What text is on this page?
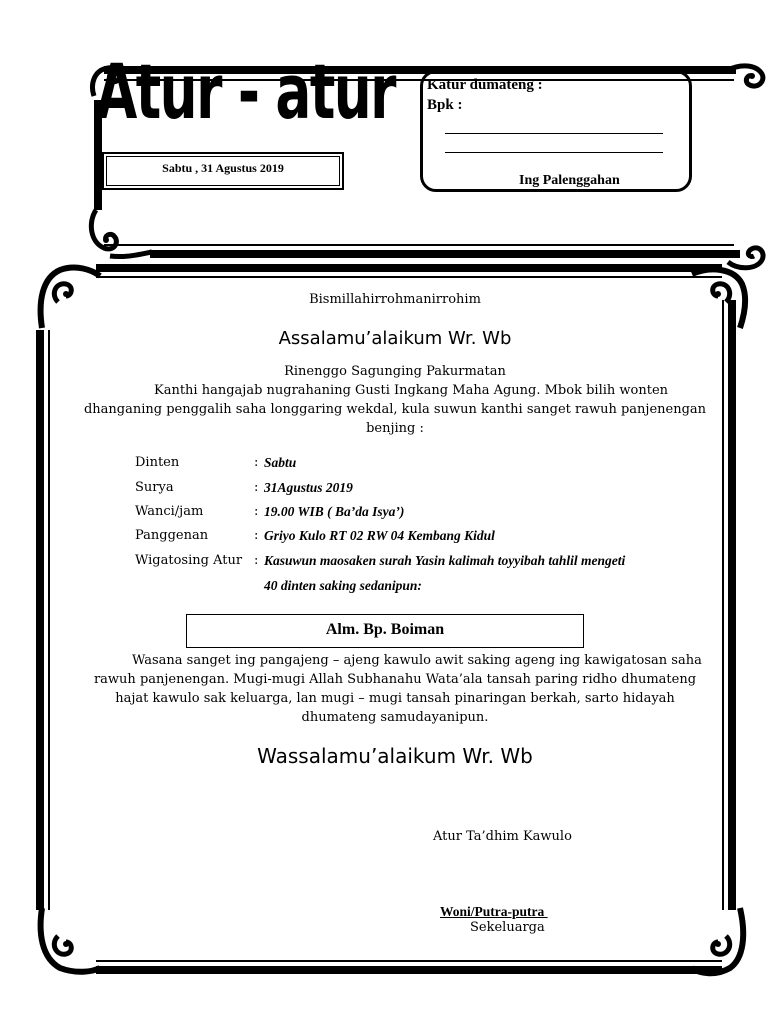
Atur - atur
Sabtu , 31 Agustus 2019
Katur dumateng :
Bpk :
Ing Palenggahan
Bismillahirrohmanirrohim
Assalamu’alaikum Wr. Wb
Rinenggo Sagunging Pakurmatan
Kanthi hangajab nugrahaning Gusti Ingkang Maha Agung. Mbok bilih wonten
dhanganing penggalih saha longgaring wekdal, kula suwun kanthi sanget rawuh panjenengan
benjing :
Dinten	: Sabtu
Surya	: 31Agustus 2019
Wanci/jam	: 19.00 WIB ( Ba’da Isya’)
Panggenan	: Griyo Kulo RT 02 RW 04 Kembang Kidul
Wigatosing Atur : Kasuwun maosaken surah Yasin kalimah toyyibah tahlil mengeti
40 dinten saking sedanipun:
Alm. Bp. Boiman
Wasana sanget ing pangajeng – ajeng kawulo awit saking ageng ing kawigatosan saha
rawuh panjenengan. Mugi-mugi Allah Subhanahu Wata’ala tansah paring ridho dhumateng
hajat kawulo sak keluarga, lan mugi – mugi tansah pinaringan berkah, sarto hidayah
dhumateng samudayanipun.
Wassalamu’alaikum Wr. Wb
Atur Ta’dhim Kawulo
Woni/Putra-putra
Sekeluarga
